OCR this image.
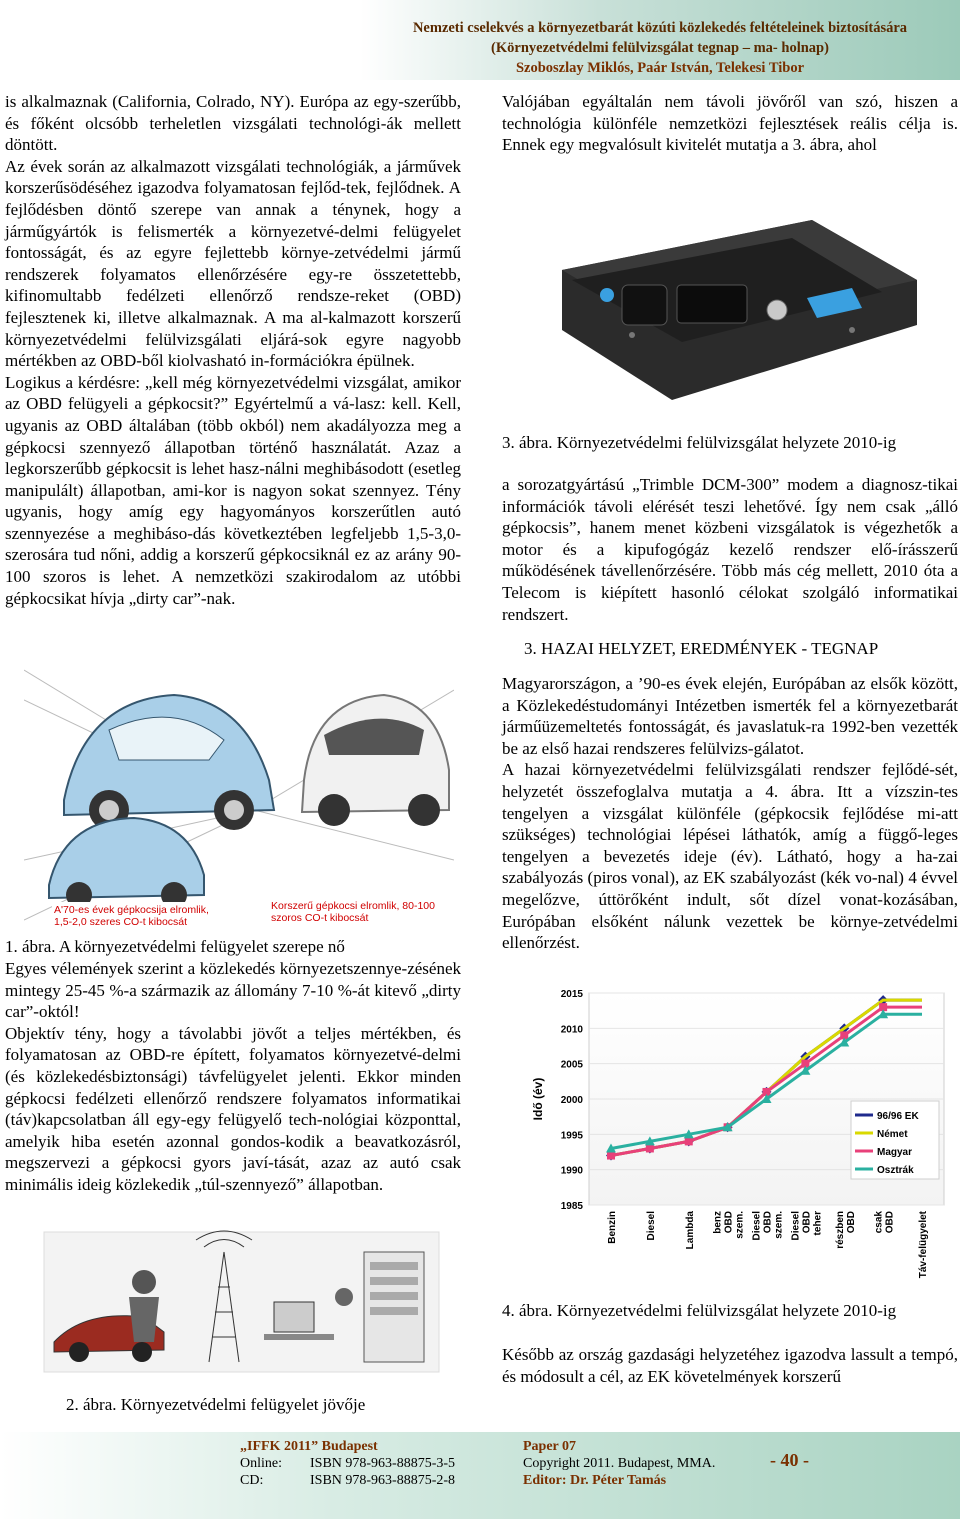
Nemzeti cselekvés a környezetbarát közúti közlekedés feltételeinek biztosítására
(Környezetvédelmi felülvizsgálat tegnap – ma- holnap)
Szoboszlay Miklós, Paár István, Telekesi Tibor

is alkalmaznak (California, Colrado, NY). Európa az egy-szerűbb, és főként olcsóbb terheletlen vizsgálati technológi-ák mellett döntött.

Az évek során az alkalmazott vizsgálati technológiák, a járművek korszerűsödéséhez igazodva folyamatosan fejlőd-tek, fejlődnek. A fejlődésben döntő szerepe van annak a ténynek, hogy a járműgyártók is felismerték a környezetvé-delmi felügyelet fontosságát, és az egyre fejlettebb környe-zetvédelmi jármű rendszerek folyamatos ellenőrzésére egy-re összetettebb, kifinomultabb fedélzeti ellenőrző rendsze-reket (OBD) fejlesztenek ki, illetve alkalmaznak. A ma al-kalmazott korszerű környezetvédelmi felülvizsgálati eljárá-sok egyre nagyobb mértékben az OBD-ből kiolvasható in-formációkra épülnek.

Logikus a kérdésre: „kell még környezetvédelmi vizsgálat, amikor az OBD felügyeli a gépkocsit?” Egyértelmű a vá-lasz: kell. Kell, ugyanis az OBD általában (több okból) nem akadályozza meg a gépkocsi szennyező állapotban történő használatát. Azaz a legkorszerűbb gépkocsit is lehet hasz-nálni meghibásodott (esetleg manipulált) állapotban, ami-kor is nagyon sokat szennyez. Tény ugyanis, hogy amíg egy hagyományos korszerűtlen autó szennyezése a meghibáso-dás következtében legfeljebb 1,5-3,0-szerosára tud nőni, addig a korszerű gépkocsiknál ez az arány 90-100 szoros is lehet. A nemzetközi szakirodalom az utóbbi gépkocsikat hívja „dirty car”-nak.

A'70-es évek gépkocsija elromlik, 1,5-2,0 szeres CO-t kibocsát
Korszerű gépkocsi elromlik, 80-100 szoros CO-t kibocsát
1. ábra. A környezetvédelmi felügyelet szerepe nő

Egyes vélemények szerint a közlekedés környezetszennye-zésének mintegy 25-45 %-a származik az állomány 7-10 %-át kitevő „dirty car”-októl!

Objektív tény, hogy a távolabbi jövőt a teljes mértékben, és folyamatosan az OBD-re épített, folyamatos környezetvé-delmi (és közlekedésbiztonsági) távfelügyelet jelenti. Ekkor minden gépkocsi fedélzeti ellenőrző rendszere folyamatos informatikai (táv)kapcsolatban áll egy-egy felügyelő tech-nológiai központtal, amelyik hiba esetén azonnal gondos-kodik a beavatkozásról, megszervezi a gépkocsi gyors javí-tását, azaz az autó csak minimális ideig közlekedik „túl-szennyező” állapotban.

2. ábra. Környezetvédelmi felügyelet jövője

Valójában egyáltalán nem távoli jövőről van szó, hiszen a technológia különféle nemzetközi fejlesztések reális célja is. Ennek egy megvalósult kivitelét mutatja a 3. ábra, ahol

3. ábra. Környezetvédelmi felülvizsgálat helyzete 2010-ig

a sorozatgyártású „Trimble DCM-300” modem a diagnosz-tikai információk távoli elérését teszi lehetővé. Így nem csak „álló gépkocsis”, hanem menet közbeni vizsgálatok is végezhetők a motor és a kipufogógáz kezelő rendszer elő-írásszerű működésének távellenőrzésére. Több más cég mellett, 2010 óta a Telecom is kiépített hasonló célokat szolgáló informatikai rendszert.

3. HAZAI HELYZET, EREDMÉNYEK - TEGNAP

Magyarországon, a ’90-es évek elején, Európában az elsők között, a Közlekedéstudományi Intézetben ismerték fel a környezetbarát járműüzemeltetés fontosságát, és javaslatuk-ra 1992-ben vezették be az első hazai rendszeres felülvizs-gálatot.

A hazai környezetvédelmi felülvizsgálati rendszer fejlődé-sét, helyzetét összefoglalva mutatja a 4. ábra. Itt a vízszin-tes tengelyen a vizsgálat különféle (gépkocsik fejlődése mi-att szükséges) technológiai lépései láthatók, amíg a függő-leges tengelyen a bevezetés ideje (év). Látható, hogy a ha-zai szabályozás (piros vonal), az EK szabályozást (kék vo-nal) 4 évvel megelőzve, úttörőként indult, sőt dízel vonat-kozásában, Európában elsőként nálunk vezettek be környe-zetvédelmi ellenőrzést.

1985
1990
1995
2000
2005
2010
2015
Benzin	Diesel	Lambda benzOBDszem. DieselOBDszem. DieselOBDteher részbenOBD csakOBD Táv-felügyelet
96/96 EK
Német
Magyar
Osztrák
Idő (év)
4. ábra. Környezetvédelmi felülvizsgálat helyzete 2010-ig

Később az ország gazdasági helyzetéhez igazodva lassult a tempó, és módosult a cél, az EK követelmények korszerű

„IFFK 2011” Budapest
Online: ISBN 978-963-88875-3-5
CD:	ISBN 978-963-88875-2-8
Paper 07
Copyright 2011. Budapest, MMA.
Editor: Dr. Péter Tamás
- 40 -
